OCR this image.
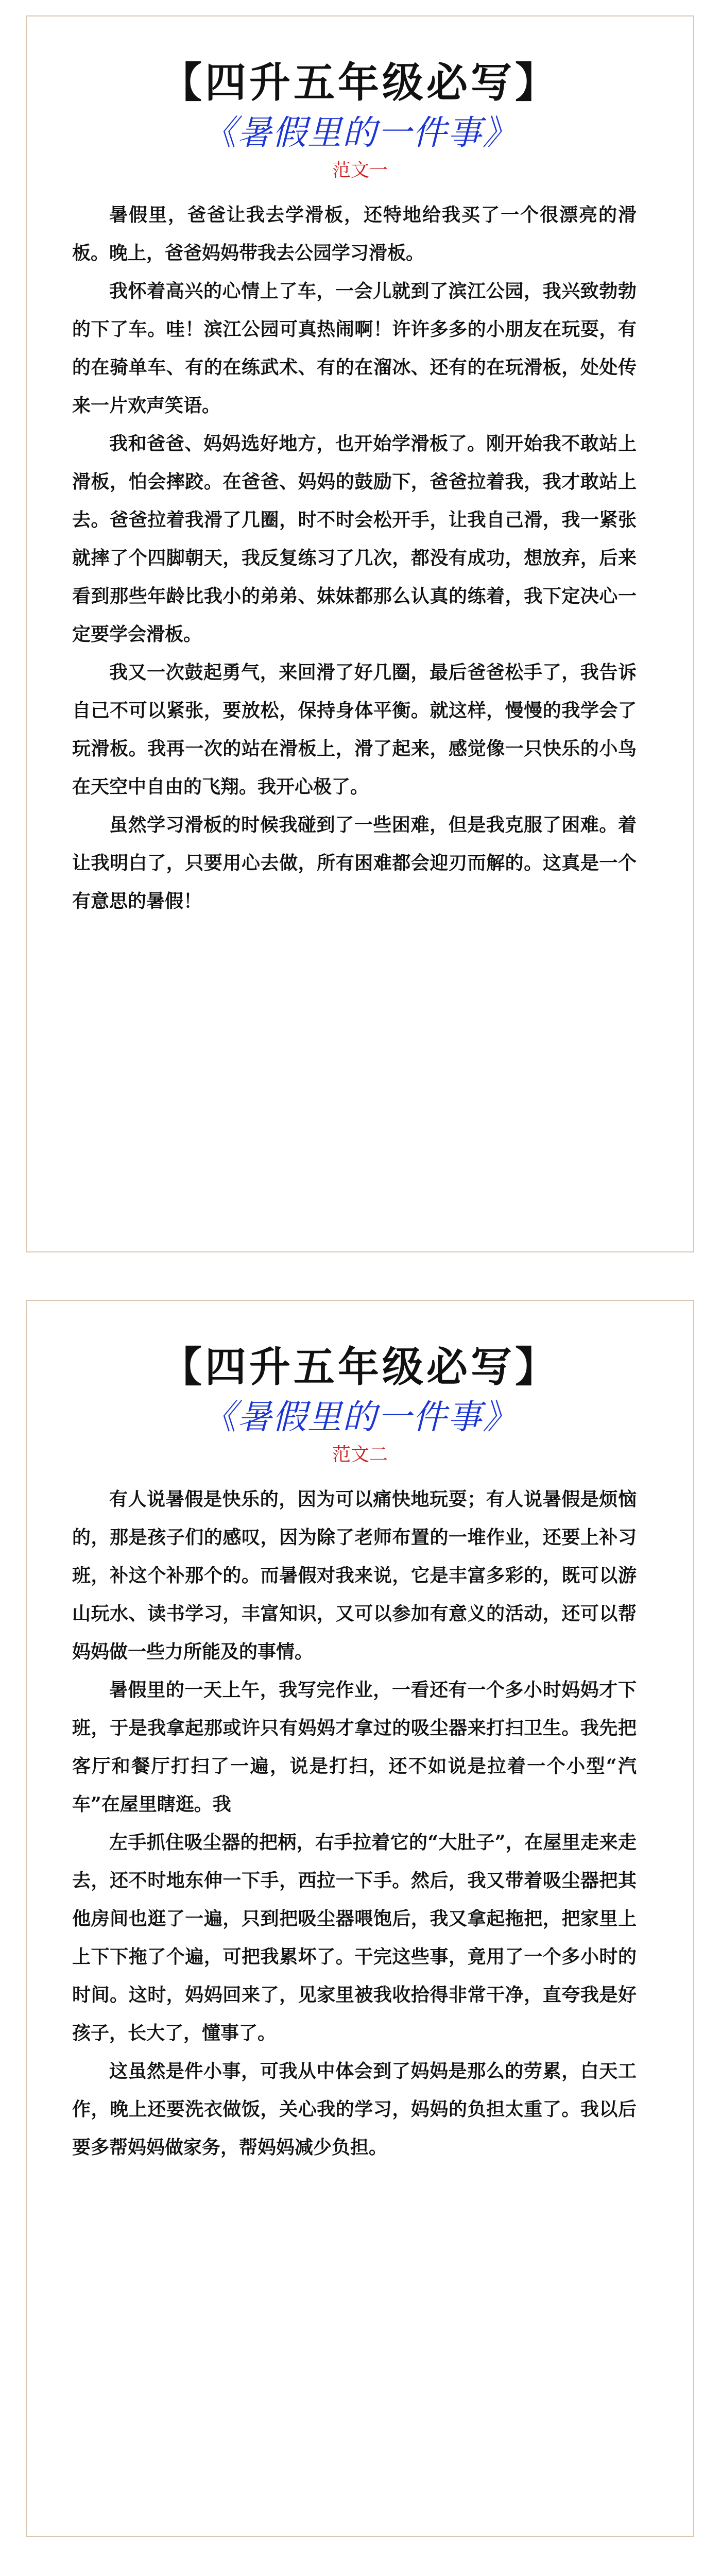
【四升五年级必写】
《暑假里的一件事》
范文一

暑假里，爸爸让我去学滑板，还特地给我买了一个很漂亮的滑板。晚上，爸爸妈妈带我去公园学习滑板。

我怀着高兴的心情上了车，一会儿就到了滨江公园，我兴致勃勃的下了车。哇！滨江公园可真热闹啊！许许多多的小朋友在玩耍，有的在骑单车、有的在练武术、有的在溜冰、还有的在玩滑板，处处传来一片欢声笑语。

我和爸爸、妈妈选好地方，也开始学滑板了。刚开始我不敢站上滑板，怕会摔跤。在爸爸、妈妈的鼓励下，爸爸拉着我，我才敢站上去。爸爸拉着我滑了几圈，时不时会松开手，让我自己滑，我一紧张就摔了个四脚朝天，我反复练习了几次，都没有成功，想放弃，后来看到那些年龄比我小的弟弟、妹妹都那么认真的练着，我下定决心一定要学会滑板。

我又一次鼓起勇气，来回滑了好几圈，最后爸爸松手了，我告诉自己不可以紧张，要放松，保持身体平衡。就这样，慢慢的我学会了玩滑板。我再一次的站在滑板上，滑了起来，感觉像一只快乐的小鸟在天空中自由的飞翔。我开心极了。

虽然学习滑板的时候我碰到了一些困难，但是我克服了困难。着让我明白了，只要用心去做，所有困难都会迎刃而解的。这真是一个有意思的暑假！

【四升五年级必写】
《暑假里的一件事》
范文二

有人说暑假是快乐的，因为可以痛快地玩耍；有人说暑假是烦恼的，那是孩子们的感叹，因为除了老师布置的一堆作业，还要上补习班，补这个补那个的。而暑假对我来说，它是丰富多彩的，既可以游山玩水、读书学习，丰富知识，又可以参加有意义的活动，还可以帮妈妈做一些力所能及的事情。

暑假里的一天上午，我写完作业，一看还有一个多小时妈妈才下班，于是我拿起那或许只有妈妈才拿过的吸尘器来打扫卫生。我先把客厅和餐厅打扫了一遍，说是打扫，还不如说是拉着一个小型“汽车”在屋里瞎逛。我

左手抓住吸尘器的把柄，右手拉着它的“大肚子”，在屋里走来走去，还不时地东伸一下手，西拉一下手。然后，我又带着吸尘器把其他房间也逛了一遍，只到把吸尘器喂饱后，我又拿起拖把，把家里上上下下拖了个遍，可把我累坏了。干完这些事，竟用了一个多小时的时间。这时，妈妈回来了，见家里被我收拾得非常干净，直夸我是好孩子，长大了，懂事了。

这虽然是件小事，可我从中体会到了妈妈是那么的劳累，白天工作，晚上还要洗衣做饭，关心我的学习，妈妈的负担太重了。我以后要多帮妈妈做家务，帮妈妈减少负担。
